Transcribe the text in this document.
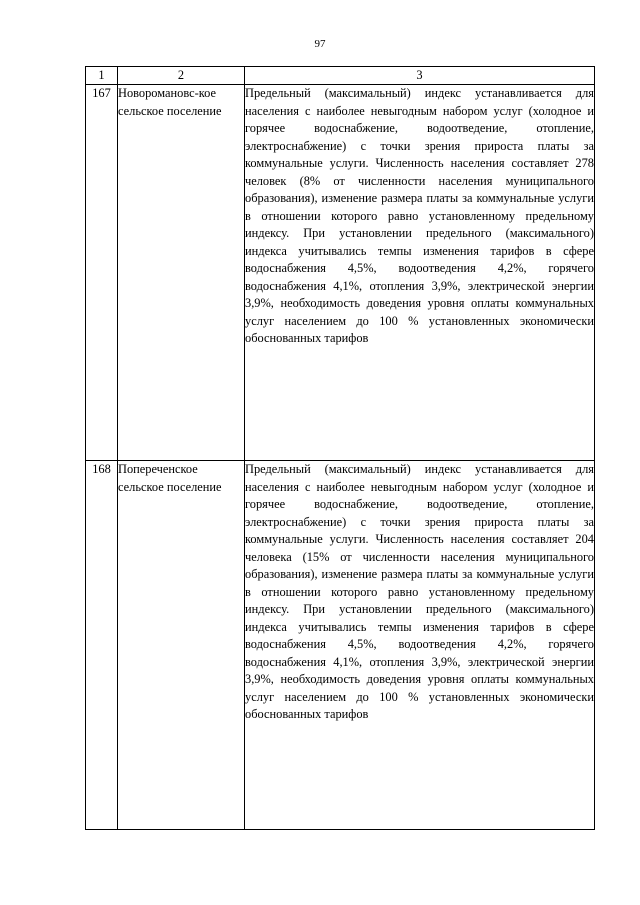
97
1	2	3
167	Новоромановс-кое сельское поселение	Предельный (максимальный) индекс устанавливается для населения с наиболее невыгодным набором услуг (холодное и горячее водоснабжение, водоотведение, отопление, электроснабжение) с точки зрения прироста платы за коммунальные услуги. Численность населения составляет 278 человек (8% от численности населения муниципального образования), изменение размера платы за коммунальные услуги в отношении которого равно установленному предельному индексу. При установлении предельного (максимального) индекса учитывались темпы изменения тарифов в сфере водоснабжения 4,5%, водоотведения 4,2%, горячего водоснабжения 4,1%, отопления 3,9%, электрической энергии 3,9%, необходимость доведения уровня оплаты коммунальных услуг населением до 100 % установленных экономически обоснованных тарифов
168	Попереченское сельское поселение	Предельный (максимальный) индекс устанавливается для населения с наиболее невыгодным набором услуг (холодное и горячее водоснабжение, водоотведение, отопление, электроснабжение) с точки зрения прироста платы за коммунальные услуги. Численность населения составляет 204 человека (15% от численности населения муниципального образования), изменение размера платы за коммунальные услуги в отношении которого равно установленному предельному индексу. При установлении предельного (максимального) индекса учитывались темпы изменения тарифов в сфере водоснабжения 4,5%, водоотведения 4,2%, горячего водоснабжения 4,1%, отопления 3,9%, электрической энергии 3,9%, необходимость доведения уровня оплаты коммунальных услуг населением до 100 % установленных экономически обоснованных тарифов
